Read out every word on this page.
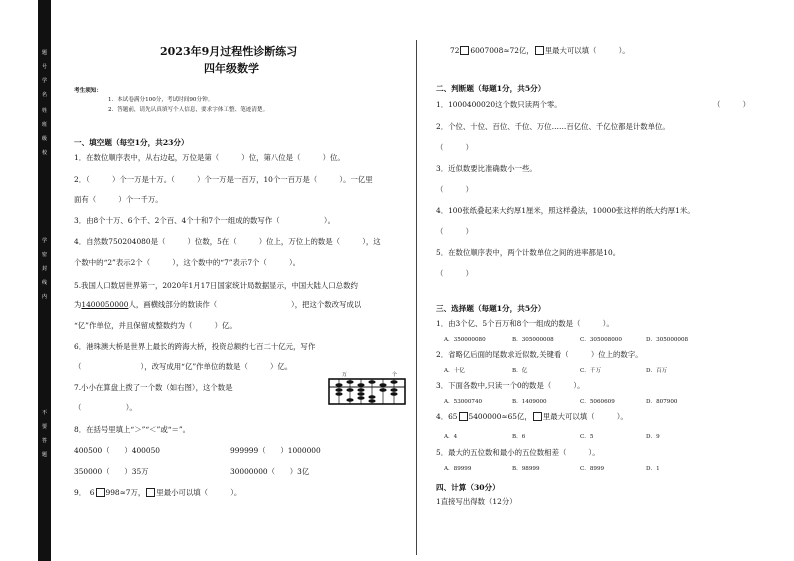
题

号

学

名
姓

班

级

校
学

密

封

线

内
不

要

答

题
2023年9月过程性诊断练习
四年级数学
考生须知：
1．本试卷满分100分，考试时间90分钟。
2．答题前，请先认真填写个人信息，要求字体工整、笔迹清楚。
一、填空题（每空1分，共23分）
1．在数位顺序表中，从右边起，万位是第（　　　）位，第八位是（　　　）位。
2．（　　　）个一万是十万。（　　　）个一万是一百万，10个一百万是（　　　）。一亿里
面有（　　　）个一千万。
3．由8个十万、6个千、2个百、4个十和7个一组成的数写作（　　　　　　）。
4．自然数750204080是（　　　）位数，5在（　　　）位上，万位上的数是（　　　），这
个数中的“2”表示2个（　　　），这个数中的“7”表示7个（　　　）。
5.我国人口数居世界第一，2020年1月17日国家统计局数据显示，中国大陆人口总数约
为1400050000人，画横线部分的数读作（　　　　　　　　　　），把这个数改写成以
“亿”作单位，并且保留成整数约为（　　　）亿。
6．港珠澳大桥是世界上最长的跨海大桥，投资总额约七百二十亿元，写作
（　　　　　　　　），改写成用“亿”作单位的数是（　　　）亿。
7.小小在算盘上拨了一个数（如右图），这个数是
（　　　　　　）。
万	个
8．在括号里填上“＞”“＜”或“＝”。
400500（　　）400050	999999（　　）1000000
350000（　　）35万	30000000（　　）3亿
9．　6 998≈7万， 里最小可以填（　　　）。
72 6007008≈72亿， 里最大可以填（　　　）。
二、判断题（每题1分，共5分）
1．1000400020这个数只读两个零。	（　　　）
2．个位、十位、百位、千位、万位……百亿位、千亿位都是计数单位。
（　　　）
3．近似数要比准确数小一些。
（　　　）
4．100张纸叠起来大约厚1厘米，照这样叠法，10000张这样的纸大约厚1米。
（　　　）
5．在数位顺序表中，两个计数单位之间的进率都是10。
（　　　）
三、选择题（每题1分，共5分）
1．由3个亿、5个百万和8个一组成的数是（　　　）。
A．350000080	B．305000008	C．305008000	D．305000008
2．省略亿后面的尾数求近似数,关键看（　　　）位上的数字。
A．十亿	B．亿	C．千万	D．百万
3．下面各数中,只读一个0的数是（　　　）。
A．53000740	B．1409000	C．5060609	D．807900
4．65 5400000≈65亿， 里最大可以填（　　　）。
A．4	B．6	C．5	D．9
5．最大的五位数和最小的五位数相差（　　　）。
A．89999	B．98999	C．8999	D．1
四、计算（30分）
1直接写出得数（12分）
